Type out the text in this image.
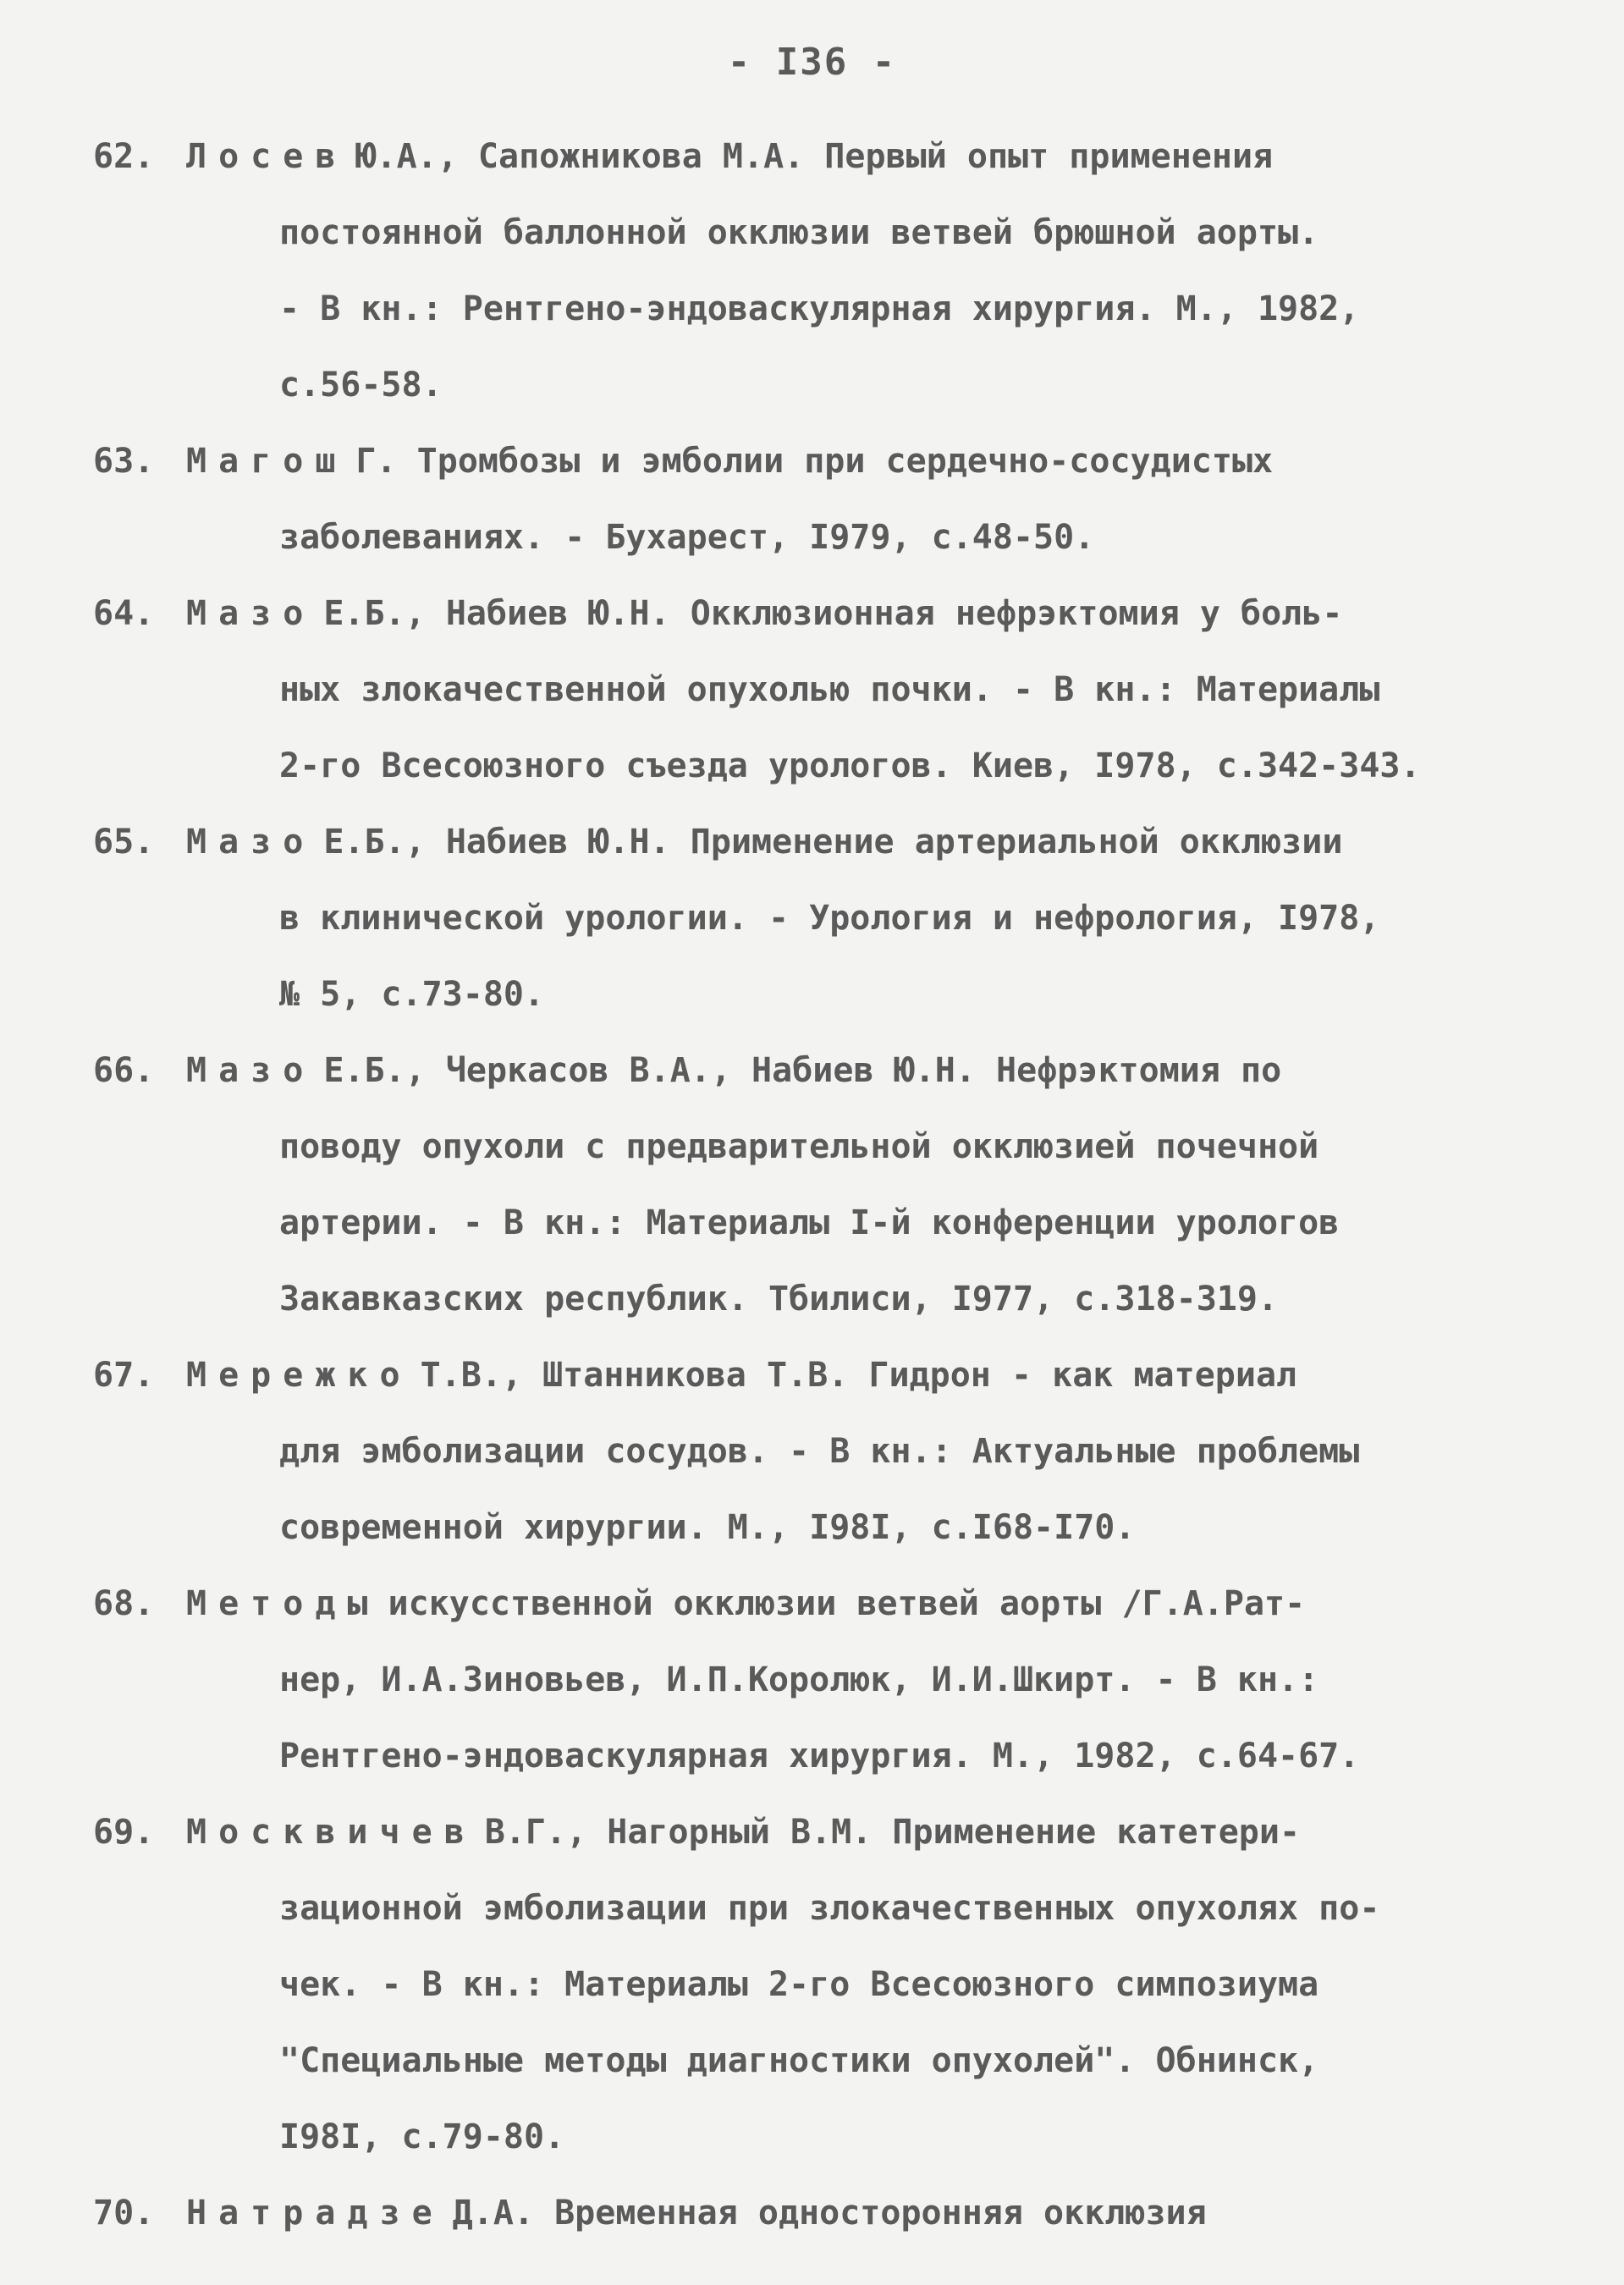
- I36 -
62. Лосев Ю.А., Сапожникова М.А. Первый опыт применения
постоянной баллонной окклюзии ветвей брюшной аорты.
- В кн.: Рентгено-эндоваскулярная хирургия. М., 1982,
с.56-58.
63. Магош Г. Тромбозы и эмболии при сердечно-сосудистых
заболеваниях. - Бухарест, I979, с.48-50.
64. Мазо Е.Б., Набиев Ю.Н. Окклюзионная нефрэктомия у боль-
ных злокачественной опухолью почки. - В кн.: Материалы
2-го Всесоюзного съезда урологов. Киев, I978, с.342-343.
65. Мазо Е.Б., Набиев Ю.Н. Применение артериальной окклюзии
в клинической урологии. - Урология и нефрология, I978,
№ 5, с.73-80.
66. Мазо Е.Б., Черкасов В.А., Набиев Ю.Н. Нефрэктомия по
поводу опухоли с предварительной окклюзией почечной
артерии. - В кн.: Материалы I-й конференции урологов
Закавказских республик. Тбилиси, I977, с.318-319.
67. Мережко Т.В., Штанникова Т.В. Гидрон - как материал
для эмболизации сосудов. - В кн.: Актуальные проблемы
современной хирургии. М., I98I, с.I68-I70.
68. Методы искусственной окклюзии ветвей аорты /Г.А.Рат-
нер, И.А.Зиновьев, И.П.Королюк, И.И.Шкирт. - В кн.:
Рентгено-эндоваскулярная хирургия. М., 1982, с.64-67.
69. Москвичев В.Г., Нагорный В.М. Применение катетери-
зационной эмболизации при злокачественных опухолях по-
чек. - В кн.: Материалы 2-го Всесоюзного симпозиума
"Специальные методы диагностики опухолей". Обнинск,
I98I, с.79-80.
70. Натрадзе Д.А. Временная односторонняя окклюзия
